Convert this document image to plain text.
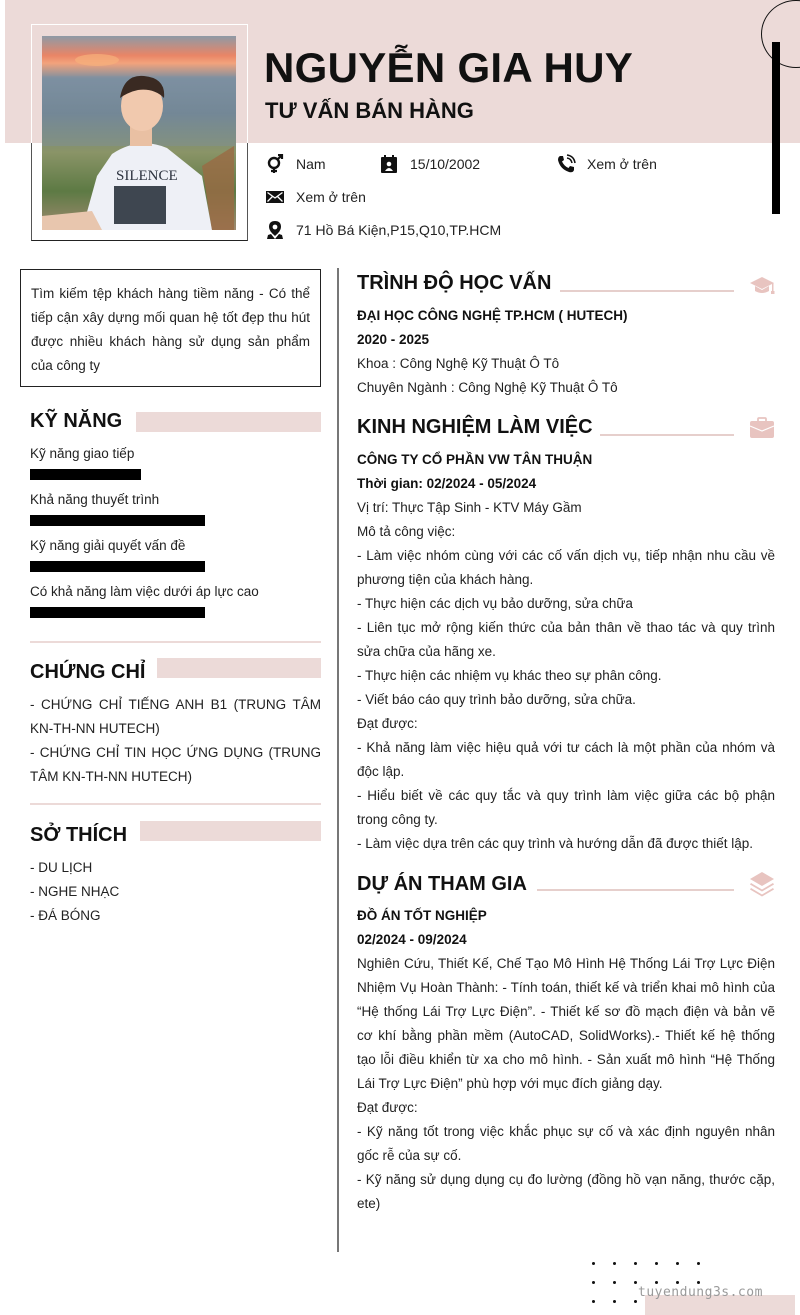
SILENCE
NGUYỄN GIA HUY
TƯ VẤN BÁN HÀNG
Nam	15/10/2002	Xem ở trên
Xem ở trên
71 Hồ Bá Kiện,P15,Q10,TP.HCM
Tìm kiếm tệp khách hàng tiềm năng - Có thể tiếp cận xây dựng mối quan hệ tốt đẹp thu hút được nhiều khách hàng sử dụng sản phẩm của công ty
KỸ NĂNG
Kỹ năng giao tiếp
Khả năng thuyết trình
Kỹ năng giải quyết vấn đề
Có khả năng làm việc dưới áp lực cao
CHỨNG CHỈ
- CHỨNG CHỈ TIẾNG ANH B1 (TRUNG TÂM KN-TH-NN HUTECH)
- CHỨNG CHỈ TIN HỌC ỨNG DỤNG (TRUNG TÂM KN-TH-NN HUTECH)
SỞ THÍCH
- DU LỊCH
- NGHE NHẠC
- ĐÁ BÓNG
TRÌNH ĐỘ HỌC VẤN
ĐẠI HỌC CÔNG NGHỆ TP.HCM ( HUTECH)
2020 - 2025
Khoa : Công Nghệ Kỹ Thuật Ô Tô
Chuyên Ngành : Công Nghệ Kỹ Thuật Ô Tô
KINH NGHIỆM LÀM VIỆC
CÔNG TY CỔ PHẦN VW TÂN THUẬN
Thời gian: 02/2024 - 05/2024
Vị trí: Thực Tập Sinh - KTV Máy Gầm
Mô tả công việc:
- Làm việc nhóm cùng với các cố vấn dịch vụ, tiếp nhận nhu cầu về phương tiện của khách hàng.
- Thực hiện các dịch vụ bảo dưỡng, sửa chữa
- Liên tục mở rộng kiến thức của bản thân về thao tác và quy trình sửa chữa của hãng xe.
- Thực hiện các nhiệm vụ khác theo sự phân công.
- Viết báo cáo quy trình bảo dưỡng, sửa chữa.
Đạt được:
- Khả năng làm việc hiệu quả với tư cách là một phần của nhóm và độc lập.
- Hiểu biết về các quy tắc và quy trình làm việc giữa các bộ phận trong công ty.
- Làm việc dựa trên các quy trình và hướng dẫn đã được thiết lập.
DỰ ÁN THAM GIA
ĐỒ ÁN TỐT NGHIỆP
02/2024 - 09/2024
Nghiên Cứu, Thiết Kế, Chế Tạo Mô Hình Hệ Thống Lái Trợ Lực Điện Nhiệm Vụ Hoàn Thành: - Tính toán, thiết kế và triển khai mô hình của “Hệ thống Lái Trợ Lực Điện”. - Thiết kế sơ đồ mạch điện và bản vẽ cơ khí bằng phần mềm (AutoCAD, SolidWorks).- Thiết kế hệ thống tạo lỗi điều khiển từ xa cho mô hình. - Sản xuất mô hình “Hệ Thống Lái Trợ Lực Điện” phù hợp với mục đích giảng dạy.
Đạt được:
- Kỹ năng tốt trong việc khắc phục sự cố và xác định nguyên nhân gốc rễ của sự cố.
- Kỹ năng sử dụng dụng cụ đo lường (đồng hồ vạn năng, thước cặp, ete)
tuyendung3s.com
